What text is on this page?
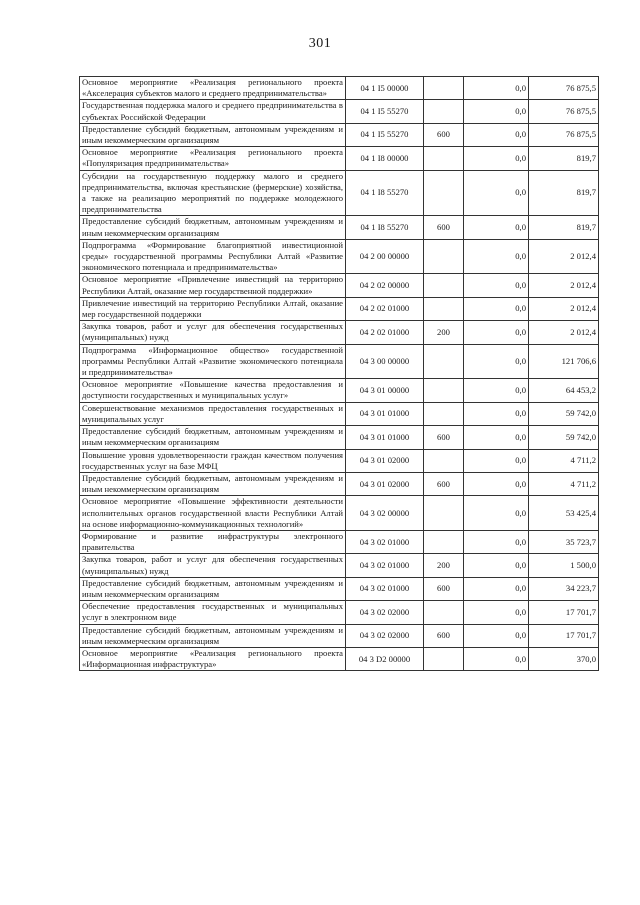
301
Основное мероприятие «Реализация регионального проекта «Акселерация субъектов малого и среднего предпринимательства»	04 1 I5 00000		0,0	76 875,5
Государственная поддержка малого и среднего предпринимательства в субъектах Российской Федерации	04 1 I5 55270		0,0	76 875,5
Предоставление субсидий бюджетным, автономным учреждениям и иным некоммерческим организациям	04 1 I5 55270	600	0,0	76 875,5
Основное мероприятие «Реализация регионального проекта «Популяризация предпринимательства»	04 1 I8 00000		0,0	819,7
Субсидии на государственную поддержку малого и среднего предпринимательства, включая крестьянские (фермерские) хозяйства, а также на реализацию мероприятий по поддержке молодежного предпринимательства	04 1 I8 55270		0,0	819,7
Предоставление субсидий бюджетным, автономным учреждениям и иным некоммерческим организациям	04 1 I8 55270	600	0,0	819,7
Подпрограмма «Формирование благоприятной инвестиционной среды» государственной программы Республики Алтай «Развитие экономического потенциала и предпринимательства»	04 2 00 00000		0,0	2 012,4
Основное мероприятие «Привлечение инвестиций на территорию Республики Алтай, оказание мер государственной поддержки»	04 2 02 00000		0,0	2 012,4
Привлечение инвестиций на территорию Республики Алтай, оказание мер государственной поддержки	04 2 02 01000		0,0	2 012,4
Закупка товаров, работ и услуг для обеспечения государственных (муниципальных) нужд	04 2 02 01000	200	0,0	2 012,4
Подпрограмма «Информационное общество» государственной программы Республики Алтай «Развитие экономического потенциала и предпринимательства»	04 3 00 00000		0,0	121 706,6
Основное мероприятие «Повышение качества предоставления и доступности государственных и муниципальных услуг»	04 3 01 00000		0,0	64 453,2
Совершенствование механизмов предоставления государственных и муниципальных услуг	04 3 01 01000		0,0	59 742,0
Предоставление субсидий бюджетным, автономным учреждениям и иным некоммерческим организациям	04 3 01 01000	600	0,0	59 742,0
Повышение уровня удовлетворенности граждан качеством получения государственных услуг на базе МФЦ	04 3 01 02000		0,0	4 711,2
Предоставление субсидий бюджетным, автономным учреждениям и иным некоммерческим организациям	04 3 01 02000	600	0,0	4 711,2
Основное мероприятие «Повышение эффективности деятельности исполнительных органов государственной власти Республики Алтай на основе информационно-коммуникационных технологий»	04 3 02 00000		0,0	53 425,4
Формирование и развитие инфраструктуры электронного правительства	04 3 02 01000		0,0	35 723,7
Закупка товаров, работ и услуг для обеспечения государственных (муниципальных) нужд	04 3 02 01000	200	0,0	1 500,0
Предоставление субсидий бюджетным, автономным учреждениям и иным некоммерческим организациям	04 3 02 01000	600	0,0	34 223,7
Обеспечение предоставления государственных и муниципальных услуг в электронном виде	04 3 02 02000		0,0	17 701,7
Предоставление субсидий бюджетным, автономным учреждениям и иным некоммерческим организациям	04 3 02 02000	600	0,0	17 701,7
Основное мероприятие «Реализация регионального проекта «Информационная инфраструктура»	04 3 D2 00000		0,0	370,0
